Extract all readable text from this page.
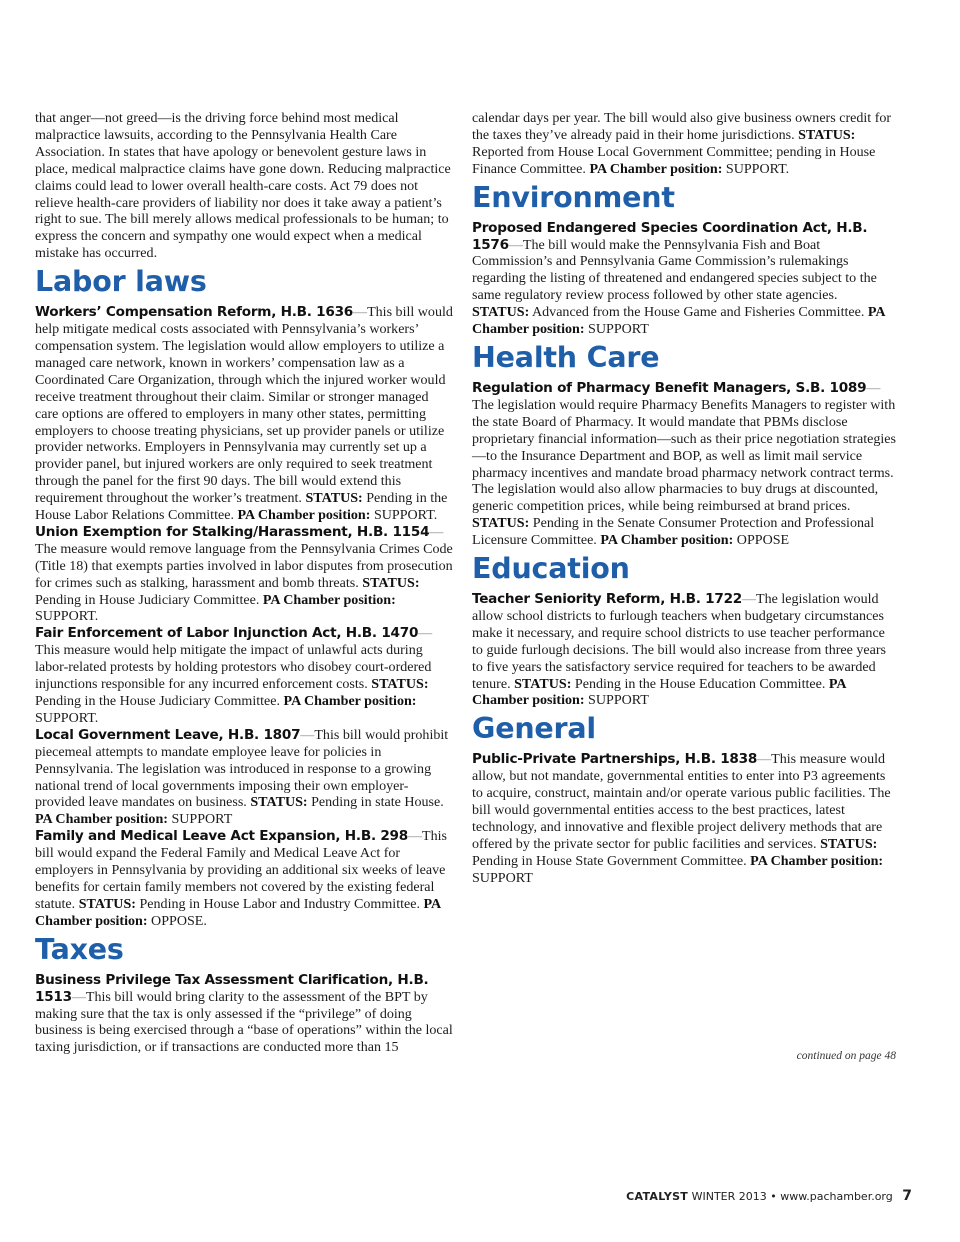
that anger—not greed—is the driving force behind most medical malpractice lawsuits, according to the Pennsylvania Health Care Association. In states that have apology or benevolent gesture laws in place, medical malpractice claims have gone down. Reducing malpractice claims could lead to lower overall health-care costs. Act 79 does not relieve health-care providers of liability nor does it take away a patient’s right to sue. The bill merely allows medical professionals to be human; to express the concern and sympathy one would expect when a medical mistake has occurred.

Labor laws

Workers’ Compensation Reform, H.B. 1636—This bill would help mitigate medical costs associated with Pennsylvania’s workers’ compensation system. The legislation would allow employers to utilize a managed care network, known in workers’ compensation law as a Coordinated Care Organization, through which the injured worker would receive treatment throughout their claim. Similar or stronger managed care options are offered to employers in many other states, permitting employers to choose treating physicians, set up provider panels or utilize provider networks. Employers in Pennsylvania may currently set up a provider panel, but injured workers are only required to seek treatment through the panel for the first 90 days. The bill would extend this requirement throughout the worker’s treatment. STATUS: Pending in the House Labor Relations Committee. PA Chamber position: SUPPORT.

Union Exemption for Stalking/Harassment, H.B. 1154—The measure would remove language from the Pennsylvania Crimes Code (Title 18) that exempts parties involved in labor disputes from prosecution for crimes such as stalking, harassment and bomb threats. STATUS: Pending in House Judiciary Committee. PA Chamber position: SUPPORT.

Fair Enforcement of Labor Injunction Act, H.B. 1470—This measure would help mitigate the impact of unlawful acts during labor-related protests by holding protestors who disobey court-ordered injunctions responsible for any incurred enforcement costs. STATUS: Pending in the House Judiciary Committee. PA Chamber position: SUPPORT.

Local Government Leave, H.B. 1807—This bill would prohibit piecemeal attempts to mandate employee leave for policies in Pennsylvania. The legislation was introduced in response to a growing national trend of local governments imposing their own employer-provided leave mandates on business. STATUS: Pending in state House. PA Chamber position: SUPPORT

Family and Medical Leave Act Expansion, H.B. 298—This bill would expand the Federal Family and Medical Leave Act for employers in Pennsylvania by providing an additional six weeks of leave benefits for certain family members not covered by the existing federal statute. STATUS: Pending in House Labor and Industry Committee. PA Chamber position: OPPOSE.

Taxes

Business Privilege Tax Assessment Clarification, H.B. 1513—This bill would bring clarity to the assessment of the BPT by making sure that the tax is only assessed if the “privilege” of doing business is being exercised through a “base of operations” within the local taxing jurisdiction, or if transactions are conducted more than 15

calendar days per year. The bill would also give business owners credit for the taxes they’ve already paid in their home jurisdictions. STATUS: Reported from House Local Government Committee; pending in House Finance Committee. PA Chamber position: SUPPORT.

Environment

Proposed Endangered Species Coordination Act, H.B. 1576—The bill would make the Pennsylvania Fish and Boat Commission’s and Pennsylvania Game Commission’s rulemakings regarding the listing of threatened and endangered species subject to the same regulatory review process followed by other state agencies. STATUS: Advanced from the House Game and Fisheries Committee. PA Chamber position: SUPPORT

Health Care

Regulation of Pharmacy Benefit Managers, S.B. 1089—The legislation would require Pharmacy Benefits Managers to register with the state Board of Pharmacy. It would mandate that PBMs disclose proprietary financial information—such as their price negotiation strategies—to the Insurance Department and BOP, as well as limit mail service pharmacy incentives and mandate broad pharmacy network contract terms. The legislation would also allow pharmacies to buy drugs at discounted, generic competition prices, while being reimbursed at brand prices. STATUS: Pending in the Senate Consumer Protection and Professional Licensure Committee. PA Chamber position: OPPOSE

Education

Teacher Seniority Reform, H.B. 1722—The legislation would allow school districts to furlough teachers when budgetary circumstances make it necessary, and require school districts to use teacher performance to guide furlough decisions. The bill would also increase from three years to five years the satisfactory service required for teachers to be awarded tenure. STATUS: Pending in the House Education Committee. PA Chamber position: SUPPORT

General

Public-Private Partnerships, H.B. 1838—This measure would allow, but not mandate, governmental entities to enter into P3 agreements to acquire, construct, maintain and/or operate various public facilities. The bill would governmental entities access to the best practices, latest technology, and innovative and flexible project delivery methods that are offered by the private sector for public facilities and services. STATUS: Pending in House State Government Committee. PA Chamber position: SUPPORT

continued on page 48
CATALYST WINTER 2013 • www.pachamber.org 7
